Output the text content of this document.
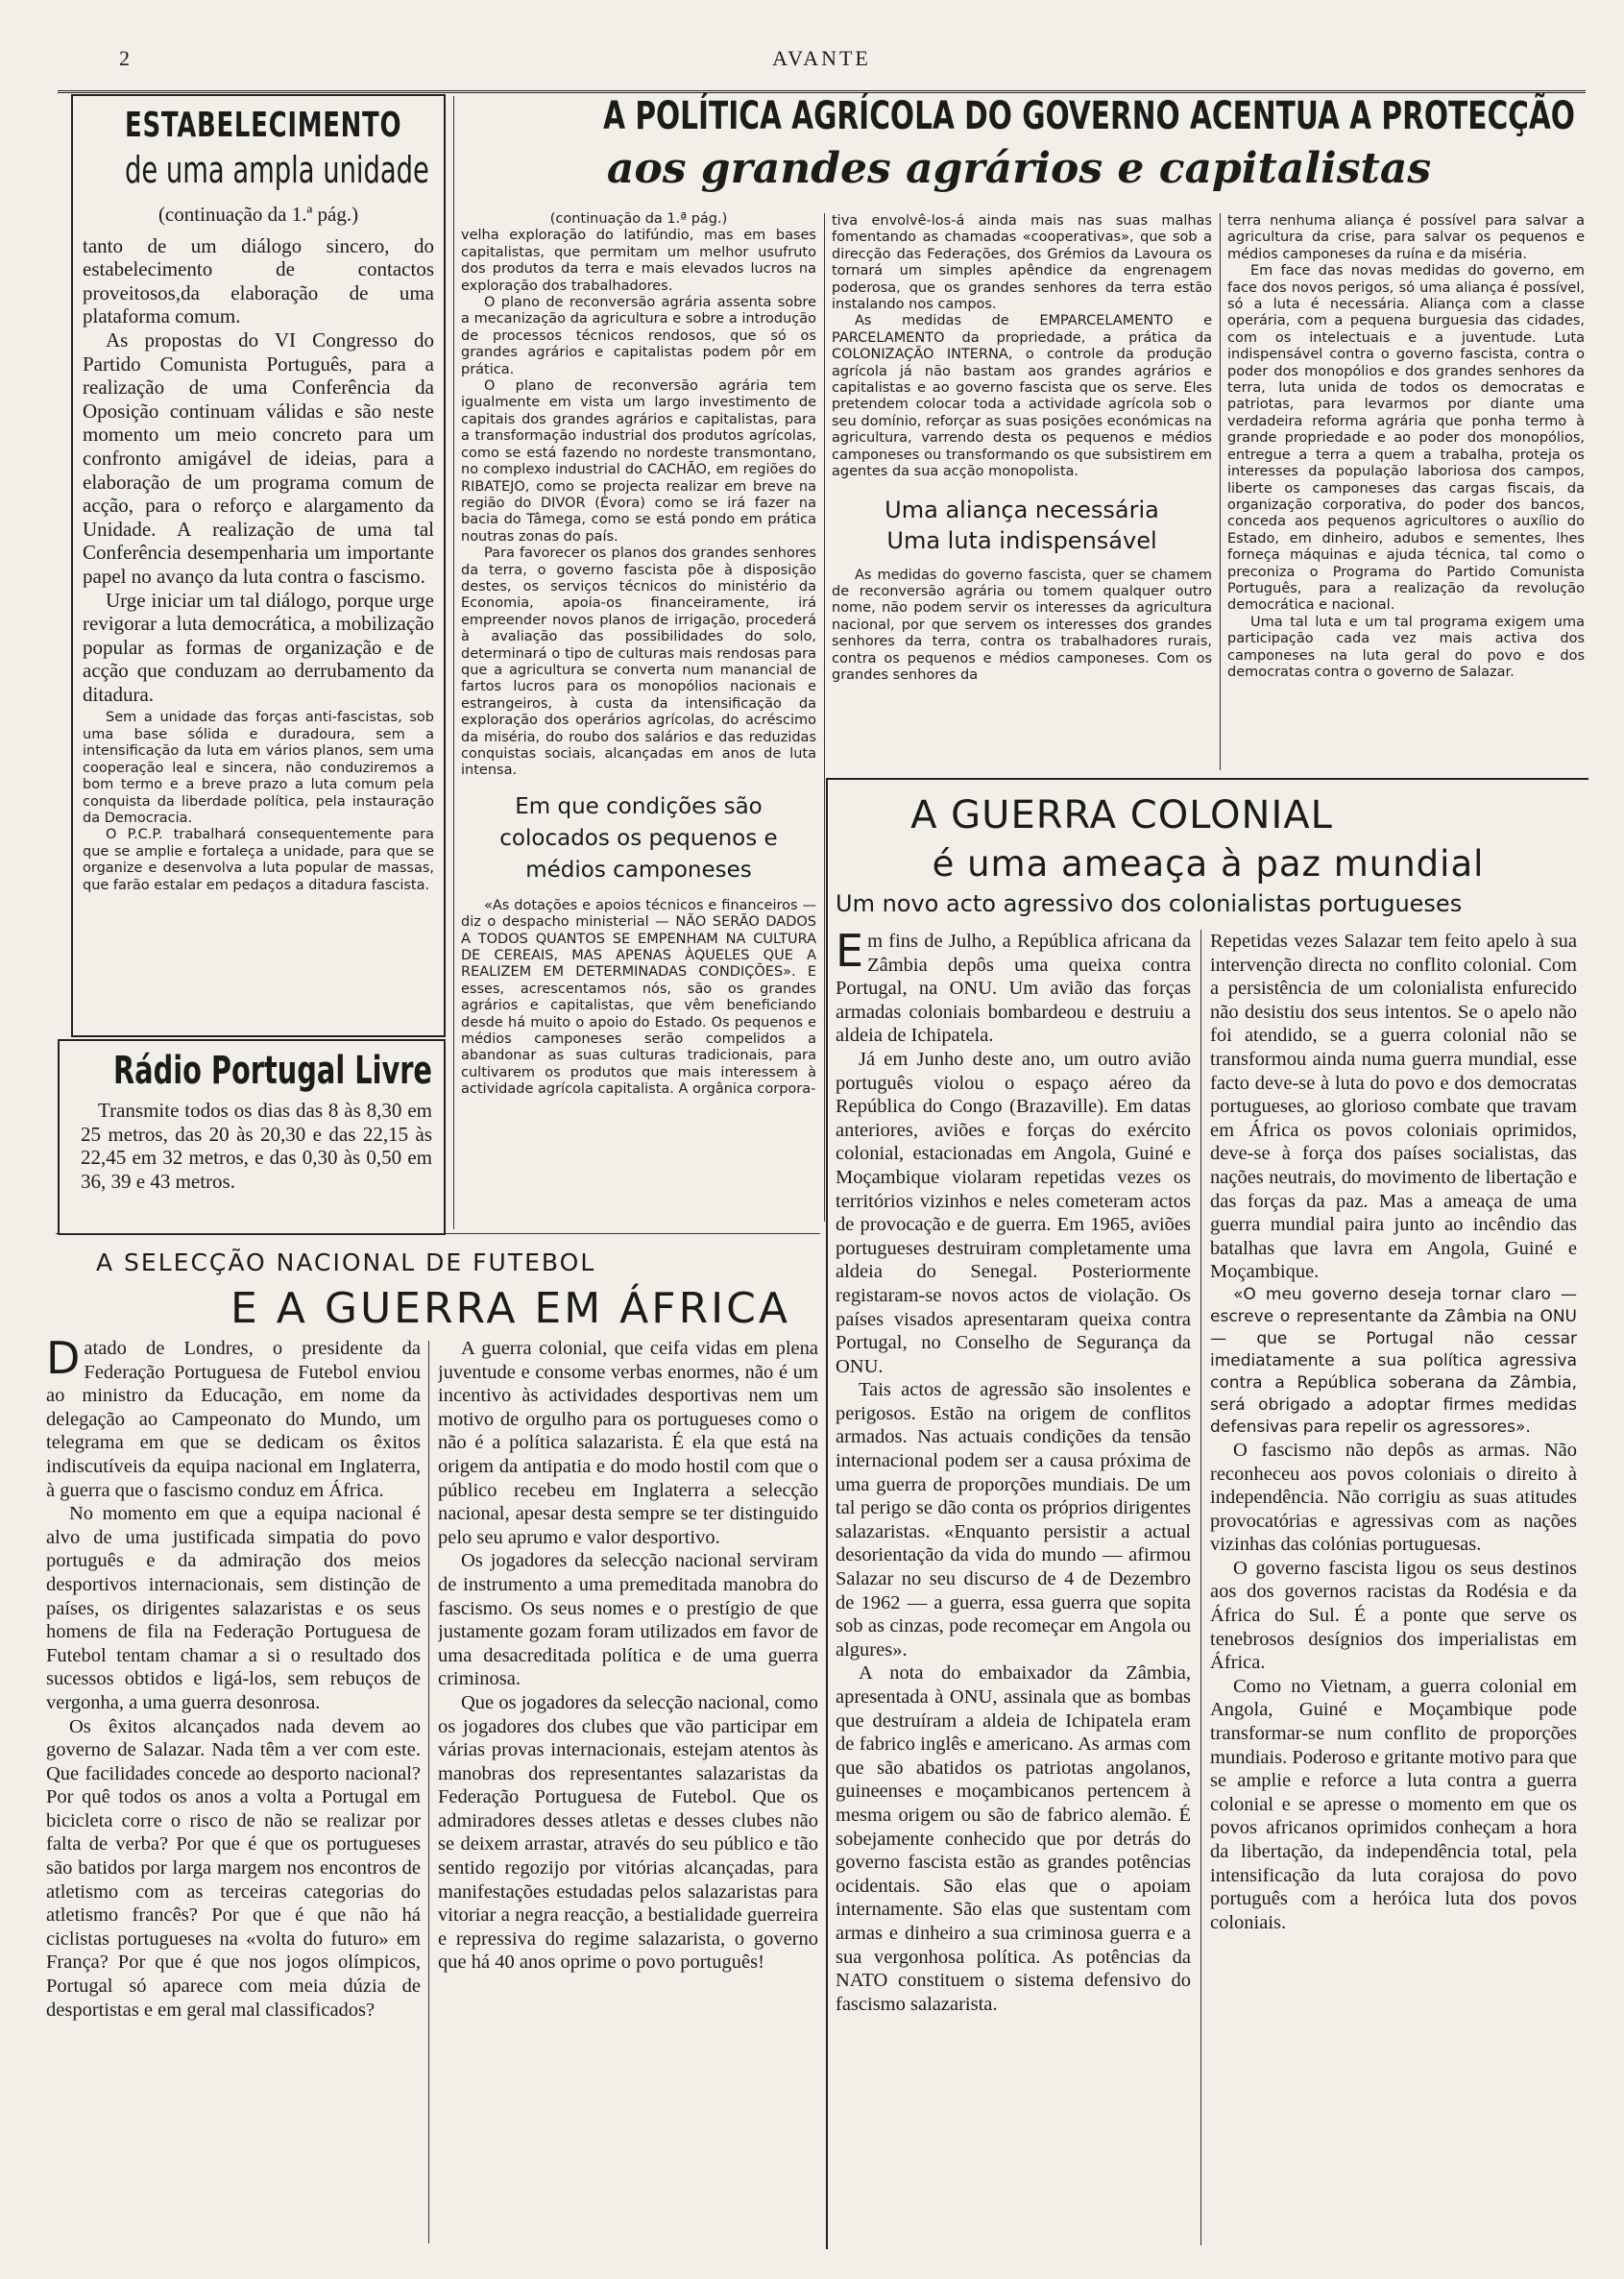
2	AVANTE
ESTABELECIMENTO
de uma ampla unidade

(continuação da 1.ª pág.)

tanto de um diálogo sincero, do estabelecimento de contactos proveitosos,da elaboração de uma plataforma comum.

As propostas do VI Congresso do Partido Comunista Português, para a realização de uma Conferência da Oposição continuam válidas e são neste momento um meio concreto para um confronto amigável de ideias, para a elaboração de um programa comum de acção, para o reforço e alargamento da Unidade. A realização de uma tal Conferência desempenharia um importante papel no avanço da luta contra o fascismo.

Urge iniciar um tal diálogo, porque urge revigorar a luta democrática, a mobilização popular as formas de organização e de acção que conduzam ao derrubamento da ditadura.

Sem a unidade das forças anti-fascistas, sob uma base sólida e duradoura, sem a intensificação da luta em vários planos, sem uma cooperação leal e sincera, não conduziremos a bom termo e a breve prazo a luta comum pela conquista da liberdade política, pela instauração da Democracia.

O P.C.P. trabalhará consequentemente para que se amplie e fortaleça a unidade, para que se organize e desenvolva a luta popular de massas, que farão estalar em pedaços a ditadura fascista.

Rádio Portugal Livre

Transmite todos os dias das 8 às 8,30 em 25 metros, das 20 às 20,30 e das 22,15 às 22,45 em 32 metros, e das 0,30 às 0,50 em 36, 39 e 43 metros.

A POLÍTICA AGRÍCOLA DO GOVERNO ACENTUA A PROTECÇÃO
aos grandes agrários e capitalistas

(continuação da 1.ª pág.)

velha exploração do latifúndio, mas em bases capitalistas, que permitam um melhor usufruto dos produtos da terra e mais elevados lucros na exploração dos trabalhadores.

O plano de reconversão agrária assenta sobre a mecanização da agricultura e sobre a introdução de processos técnicos rendosos, que só os grandes agrários e capitalistas podem pôr em prática.

O plano de reconversão agrária tem igualmente em vista um largo investimento de capitais dos grandes agrários e capitalistas, para a transformação industrial dos produtos agrícolas, como se está fazendo no nordeste transmontano, no complexo industrial do CACHÃO, em regiões do RIBATEJO, como se projecta realizar em breve na região do DIVOR (Évora) como se irá fazer na bacia do Tâmega, como se está pondo em prática noutras zonas do país.

Para favorecer os planos dos grandes senhores da terra, o governo fascista põe à disposição destes, os serviços técnicos do ministério da Economia, apoia-os financeiramente, irá empreender novos planos de irrigação, procederá à avaliação das possibilidades do solo, determinará o tipo de culturas mais rendosas para que a agricultura se converta num manancial de fartos lucros para os monopólios nacionais e estrangeiros, à custa da intensificação da exploração dos operários agrícolas, do acréscimo da miséria, do roubo dos salários e das reduzidas conquistas sociais, alcançadas em anos de luta intensa.

Em que condições são colocados os pequenos e médios camponeses

«As dotações e apoios técnicos e financeiros — diz o despacho ministerial — NÃO SERÃO DADOS A TODOS QUANTOS SE EMPENHAM NA CULTURA DE CEREAIS, MAS APENAS ÀQUELES QUE A REALIZEM EM DETERMINADAS CONDIÇÕES». E esses, acrescentamos nós, são os grandes agrários e capitalistas, que vêm beneficiando desde há muito o apoio do Estado. Os pequenos e médios camponeses serão compelidos a abandonar as suas culturas tradicionais, para cultivarem os produtos que mais interessem à actividade agrícola capitalista. A orgânica corpora-

tiva envolvê-los-á ainda mais nas suas malhas fomentando as chamadas «cooperativas», que sob a direcção das Federações, dos Grémios da Lavoura os tornará um simples apêndice da engrenagem poderosa, que os grandes senhores da terra estão instalando nos campos.

As medidas de EMPARCELAMENTO e PARCELAMENTO da propriedade, a prática da COLONIZAÇÃO INTERNA, o controle da produção agrícola já não bastam aos grandes agrários e capitalistas e ao governo fascista que os serve. Eles pretendem colocar toda a actividade agrícola sob o seu domínio, reforçar as suas posições económicas na agricultura, varrendo desta os pequenos e médios camponeses ou transformando os que subsistirem em agentes da sua acção monopolista.

Uma aliança necessária Uma luta indispensável

As medidas do governo fascista, quer se chamem de reconversão agrária ou tomem qualquer outro nome, não podem servir os interesses da agricultura nacional, por que servem os interesses dos grandes senhores da terra, contra os trabalhadores rurais, contra os pequenos e médios camponeses. Com os grandes senhores da

terra nenhuma aliança é possível para salvar a agricultura da crise, para salvar os pequenos e médios camponeses da ruína e da miséria.

Em face das novas medidas do governo, em face dos novos perigos, só uma aliança é possível, só a luta é necessária. Aliança com a classe operária, com a pequena burguesia das cidades, com os intelectuais e a juventude. Luta indispensável contra o governo fascista, contra o poder dos monopólios e dos grandes senhores da terra, luta unida de todos os democratas e patriotas, para levarmos por diante uma verdadeira reforma agrária que ponha termo à grande propriedade e ao poder dos monopólios, entregue a terra a quem a trabalha, proteja os interesses da população laboriosa dos campos, liberte os camponeses das cargas fiscais, da organização corporativa, do poder dos bancos, conceda aos pequenos agricultores o auxílio do Estado, em dinheiro, adubos e sementes, lhes forneça máquinas e ajuda técnica, tal como o preconiza o Programa do Partido Comunista Português, para a realização da revolução democrática e nacional.

Uma tal luta e um tal programa exigem uma participação cada vez mais activa dos camponeses na luta geral do povo e dos democratas contra o governo de Salazar.

A GUERRA COLONIAL
é uma ameaça à paz mundial
Um novo acto agressivo dos colonialistas portugueses
E m fins de Julho, a República africana da Zâmbia depôs uma queixa contra Portugal, na ONU. Um avião das forças armadas coloniais bombardeou e destruiu a aldeia de Ichipatela.

Já em Junho deste ano, um outro avião português violou o espaço aéreo da República do Congo (Brazaville). Em datas anteriores, aviões e forças do exército colonial, estacionadas em Angola, Guiné e Moçambique violaram repetidas vezes os territórios vizinhos e neles cometeram actos de provocação e de guerra. Em 1965, aviões portugueses destruiram completamente uma aldeia do Senegal. Posteriormente registaram-se novos actos de violação. Os países visados apresentaram queixa contra Portugal, no Conselho de Segurança da ONU.

Tais actos de agressão são insolentes e perigosos. Estão na origem de conflitos armados. Nas actuais condições da tensão internacional podem ser a causa próxima de uma guerra de proporções mundiais. De um tal perigo se dão conta os próprios dirigentes salazaristas. «Enquanto persistir a actual desorientação da vida do mundo — afirmou Salazar no seu discurso de 4 de Dezembro de 1962 — a guerra, essa guerra que sopita sob as cinzas, pode recomeçar em Angola ou algures».

A nota do embaixador da Zâmbia, apresentada à ONU, assinala que as bombas que destruíram a aldeia de Ichipatela eram de fabrico inglês e americano. As armas com que são abatidos os patriotas angolanos, guineenses e moçambicanos pertencem à mesma origem ou são de fabrico alemão. É sobejamente conhecido que por detrás do governo fascista estão as grandes potências ocidentais. São elas que o apoiam internamente. São elas que sustentam com armas e dinheiro a sua criminosa guerra e a sua vergonhosa política. As potências da NATO constituem o sistema defensivo do fascismo salazarista.

Repetidas vezes Salazar tem feito apelo à sua intervenção directa no conflito colonial. Com a persistência de um colonialista enfurecido não desistiu dos seus intentos. Se o apelo não foi atendido, se a guerra colonial não se transformou ainda numa guerra mundial, esse facto deve-se à luta do povo e dos democratas portugueses, ao glorioso combate que travam em África os povos coloniais oprimidos, deve-se à força dos países socialistas, das nações neutrais, do movimento de libertação e das forças da paz. Mas a ameaça de uma guerra mundial paira junto ao incêndio das batalhas que lavra em Angola, Guiné e Moçambique.

«O meu governo deseja tornar claro — escreve o representante da Zâmbia na ONU — que se Portugal não cessar imediatamente a sua política agressiva contra a República soberana da Zâmbia, será obrigado a adoptar firmes medidas defensivas para repelir os agressores».

O fascismo não depôs as armas. Não reconheceu aos povos coloniais o direito à independência. Não corrigiu as suas atitudes provocatórias e agressivas com as nações vizinhas das colónias portuguesas.

O governo fascista ligou os seus destinos aos dos governos racistas da Rodésia e da África do Sul. É a ponte que serve os tenebrosos desígnios dos imperialistas em África.

Como no Vietnam, a guerra colonial em Angola, Guiné e Moçambique pode transformar-se num conflito de proporções mundiais. Poderoso e gritante motivo para que se amplie e reforce a luta contra a guerra colonial e se apresse o momento em que os povos africanos oprimidos conheçam a hora da libertação, da independência total, pela intensificação da luta corajosa do povo português com a heróica luta dos povos coloniais.

A SELECÇÃO NACIONAL DE FUTEBOL
E A GUERRA EM ÁFRICA
D atado de Londres, o presidente da Federação Portuguesa de Futebol enviou ao ministro da Educação, em nome da delegação ao Campeonato do Mundo, um telegrama em que se dedicam os êxitos indiscutíveis da equipa nacional em Inglaterra, à guerra que o fascismo conduz em África.

No momento em que a equipa nacional é alvo de uma justificada simpatia do povo português e da admiração dos meios desportivos internacionais, sem distinção de países, os dirigentes salazaristas e os seus homens de fila na Federação Portuguesa de Futebol tentam chamar a si o resultado dos sucessos obtidos e ligá-los, sem rebuços de vergonha, a uma guerra desonrosa.

Os êxitos alcançados nada devem ao governo de Salazar. Nada têm a ver com este. Que facilidades concede ao desporto nacional? Por quê todos os anos a volta a Portugal em bicicleta corre o risco de não se realizar por falta de verba? Por que é que os portugueses são batidos por larga margem nos encontros de atletismo com as terceiras categorias do atletismo francês? Por que é que não há ciclistas portugueses na «volta do futuro» em França? Por que é que nos jogos olímpicos, Portugal só aparece com meia dúzia de desportistas e em geral mal classificados?

A guerra colonial, que ceifa vidas em plena juventude e consome verbas enormes, não é um incentivo às actividades desportivas nem um motivo de orgulho para os portugueses como o não é a política salazarista. É ela que está na origem da antipatia e do modo hostil com que o público recebeu em Inglaterra a selecção nacional, apesar desta sempre se ter distinguido pelo seu aprumo e valor desportivo.

Os jogadores da selecção nacional serviram de instrumento a uma premeditada manobra do fascismo. Os seus nomes e o prestígio de que justamente gozam foram utilizados em favor de uma desacreditada política e de uma guerra criminosa.

Que os jogadores da selecção nacional, como os jogadores dos clubes que vão participar em várias provas internacionais, estejam atentos às manobras dos representantes salazaristas da Federação Portuguesa de Futebol. Que os admiradores desses atletas e desses clubes não se deixem arrastar, através do seu público e tão sentido regozijo por vitórias alcançadas, para manifestações estudadas pelos salazaristas para vitoriar a negra reacção, a bestialidade guerreira e repressiva do regime salazarista, o governo que há 40 anos oprime o povo português!
